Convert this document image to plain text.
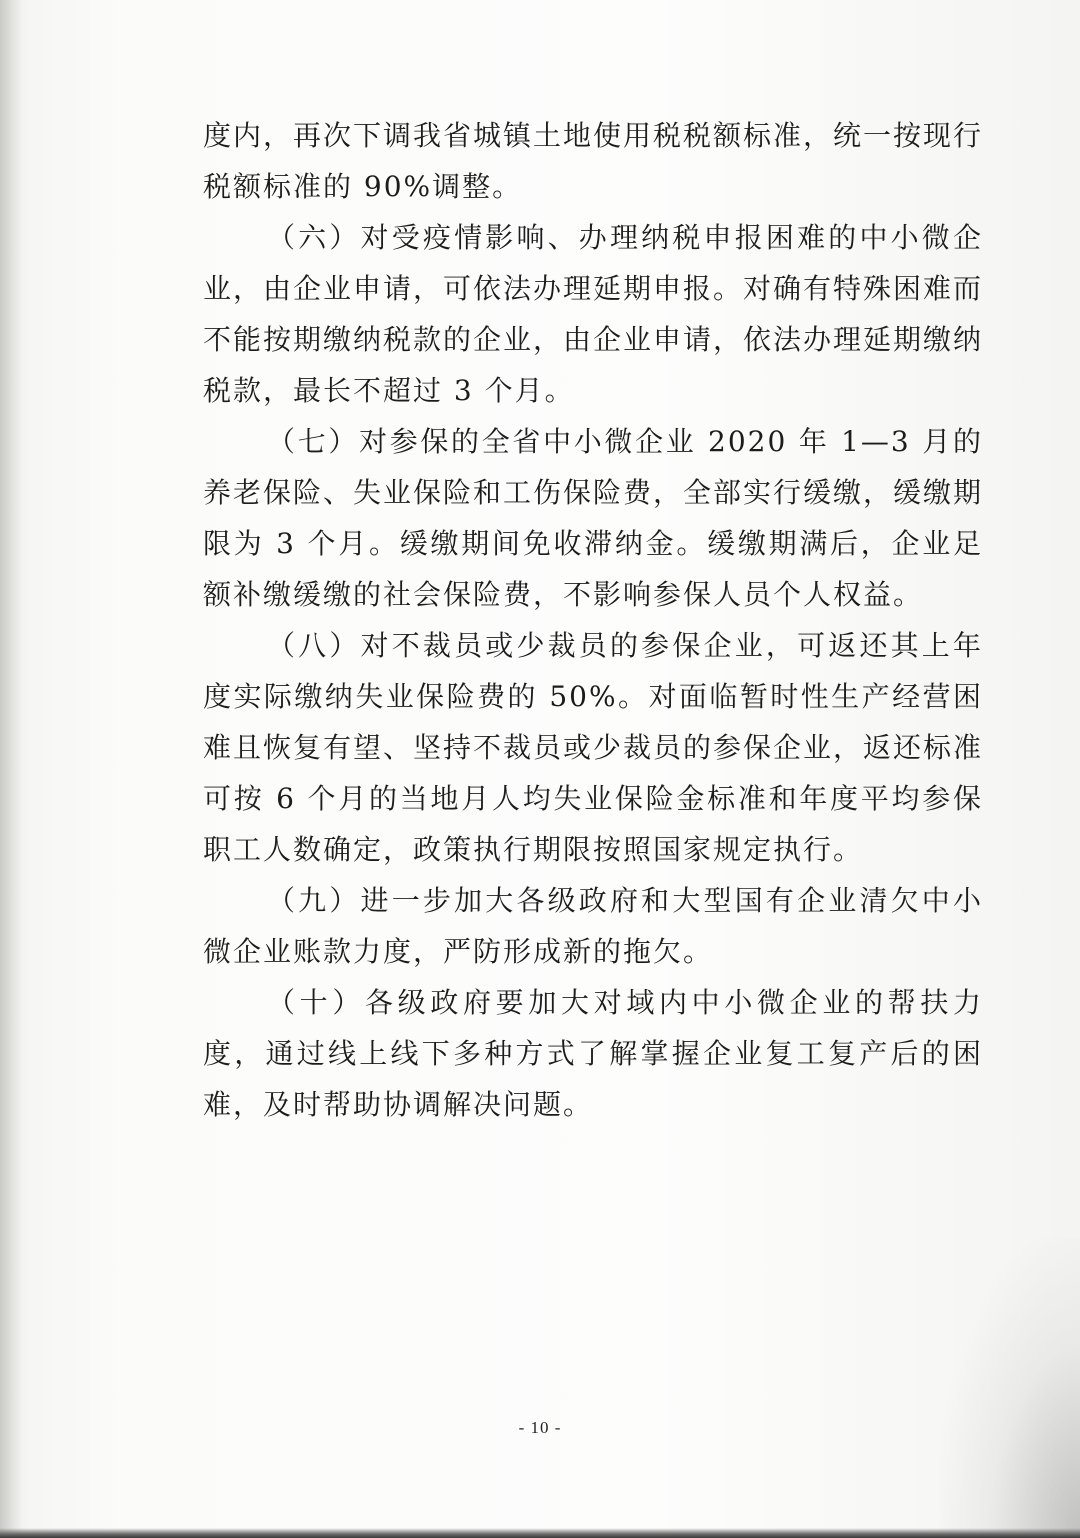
度内，再次下调我省城镇土地使用税税额标准，统一按现行税额标准的 90%调整。

（六）对受疫情影响、办理纳税申报困难的中小微企业，由企业申请，可依法办理延期申报。对确有特殊困难而不能按期缴纳税款的企业，由企业申请，依法办理延期缴纳税款，最长不超过 3 个月。

（七）对参保的全省中小微企业 2020 年 1—3 月的养老保险、失业保险和工伤保险费，全部实行缓缴，缓缴期限为 3 个月。缓缴期间免收滞纳金。缓缴期满后，企业足额补缴缓缴的社会保险费，不影响参保人员个人权益。

（八）对不裁员或少裁员的参保企业，可返还其上年度实际缴纳失业保险费的 50%。对面临暂时性生产经营困难且恢复有望、坚持不裁员或少裁员的参保企业，返还标准可按 6 个月的当地月人均失业保险金标准和年度平均参保职工人数确定，政策执行期限按照国家规定执行。

（九）进一步加大各级政府和大型国有企业清欠中小微企业账款力度，严防形成新的拖欠。

（十）各级政府要加大对域内中小微企业的帮扶力度，通过线上线下多种方式了解掌握企业复工复产后的困难，及时帮助协调解决问题。

- 10 -
